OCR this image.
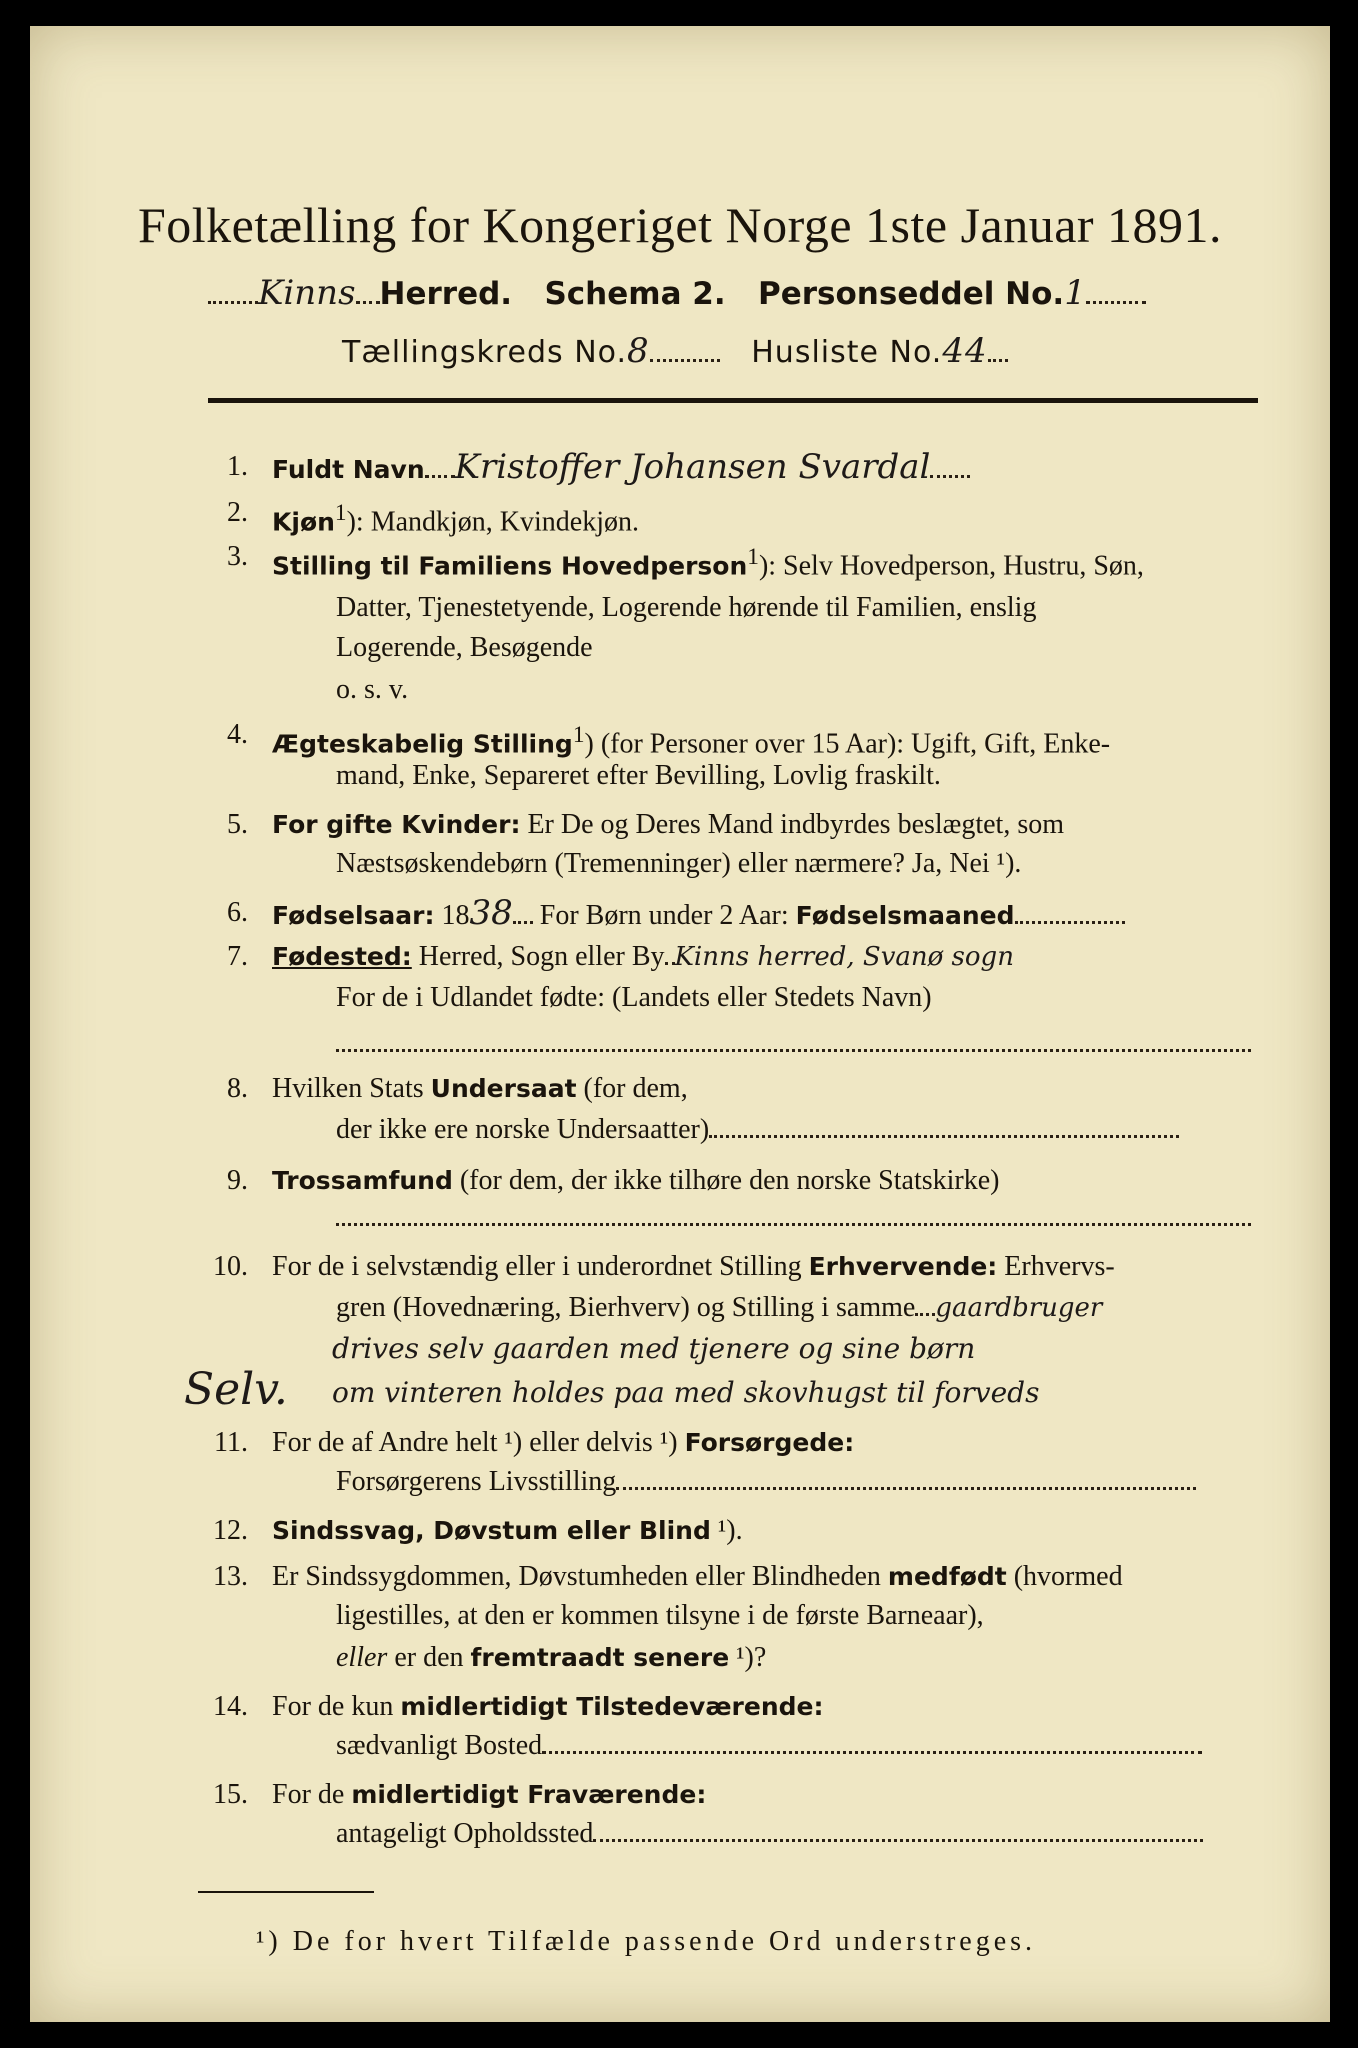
Folketælling for Kongeriget Norge 1ste Januar 1891.
Kinns Herred. Schema 2. Personseddel No.1
Tællingskreds No.8	Husliste No.44
1. Fuldt Navn Kristoffer Johansen Svardal
2. Kjøn$^1$): Mandkjøn, Kvindekjøn.
3. Stilling til Familiens Hovedperson$^1$): Selv Hovedperson, Hustru, Søn,
Datter, Tjenestetyende, Logerende hørende til Familien, enslig
Logerende, Besøgende
o. s. v.
4. Ægteskabelig Stilling$^1$) (for Personer over 15 Aar): Ugift, Gift, Enke-
mand, Enke, Separeret efter Bevilling, Lovlig fraskilt.
5. For gifte Kvinder: Er De og Deres Mand indbyrdes beslægtet, som
Næstsøskendebørn (Tremenninger) eller nærmere? Ja, Nei ¹).
6. Fødselsaar: 1838 For Børn under 2 Aar: Fødselsmaaned
7. Fødested: Herred, Sogn eller By Kinns herred, Svanø sogn
For de i Udlandet fødte: (Landets eller Stedets Navn)
8. Hvilken Stats Undersaat (for dem,
der ikke ere norske Undersaatter)
9. Trossamfund (for dem, der ikke tilhøre den norske Statskirke)
10. For de i selvstændig eller i underordnet Stilling Erhvervende: Erhvervs-
gren (Hovednæring, Bierhverv) og Stilling i samme gaardbruger
drives selv gaarden med tjenere og sine børn
om vinteren holdes paa med skovhugst til forveds
Selv.
11. For de af Andre helt ¹) eller delvis ¹) Forsørgede:
Forsørgerens Livsstilling
12. Sindssvag, Døvstum eller Blind ¹).
13. Er Sindssygdommen, Døvstumheden eller Blindheden medfødt (hvormed
ligestilles, at den er kommen tilsyne i de første Barneaar),
eller er den fremtraadt senere ¹)?
14. For de kun midlertidigt Tilstedeværende:
sædvanligt Bosted
15. For de midlertidigt Fraværende:
antageligt Opholdssted
¹) De for hvert Tilfælde passende Ord understreges.
